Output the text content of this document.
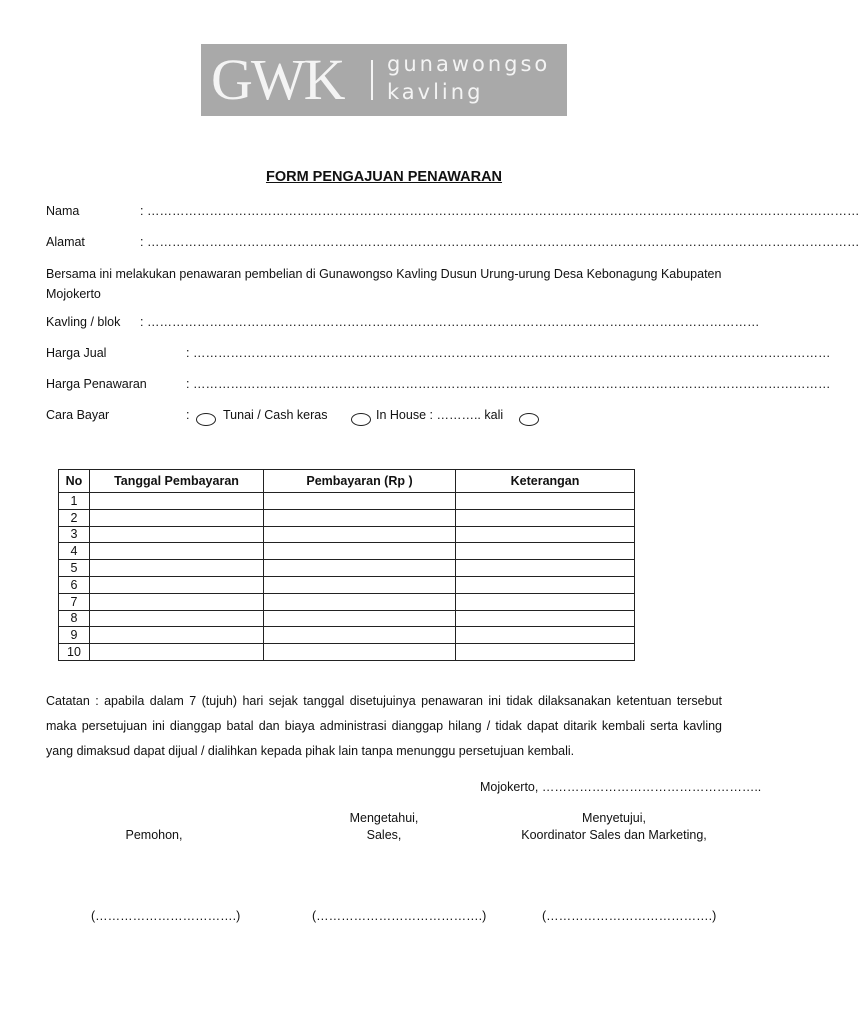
GWK gunawongso
kavling
FORM PENGAJUAN PENAWARAN
Nama	: ………………………………………………………………………………………………………………………………………………………
Alamat	: ………………………………………………………………………………………………………………………………………………………
Bersama ini melakukan penawaran pembelian di Gunawongso Kavling Dusun Urung-urung Desa Kebonagung Kabupaten Mojokerto
Kavling / blok : …………………………………………………………………………………………………………………………………
Harga Jual	: ………………………………………………………………………………………………………………………………………
Harga Penawaran	: ………………………………………………………………………………………………………………………………………
Cara Bayar	:	Tunai / Cash keras	In House : ……….. kali
No	Tanggal Pembayaran	Pembayaran (Rp )	Keterangan
1			
2			
3			
4			
5			
6			
7			
8			
9			
10			
Catatan : apabila dalam 7 (tujuh) hari sejak tanggal disetujuinya penawaran ini tidak dilaksanakan ketentuan tersebut maka persetujuan ini dianggap batal dan biaya administrasi dianggap hilang / tidak dapat ditarik kembali serta kavling yang dimaksud dapat dijual / dialihkan kepada pihak lain tanpa menunggu persetujuan kembali.
Mojokerto, ……………………………………………..
Pemohon,
Mengetahui,
Sales,
Menyetujui,
Koordinator Sales dan Marketing,
(…………………………….)	(………………………………….)	(………………………………….)
